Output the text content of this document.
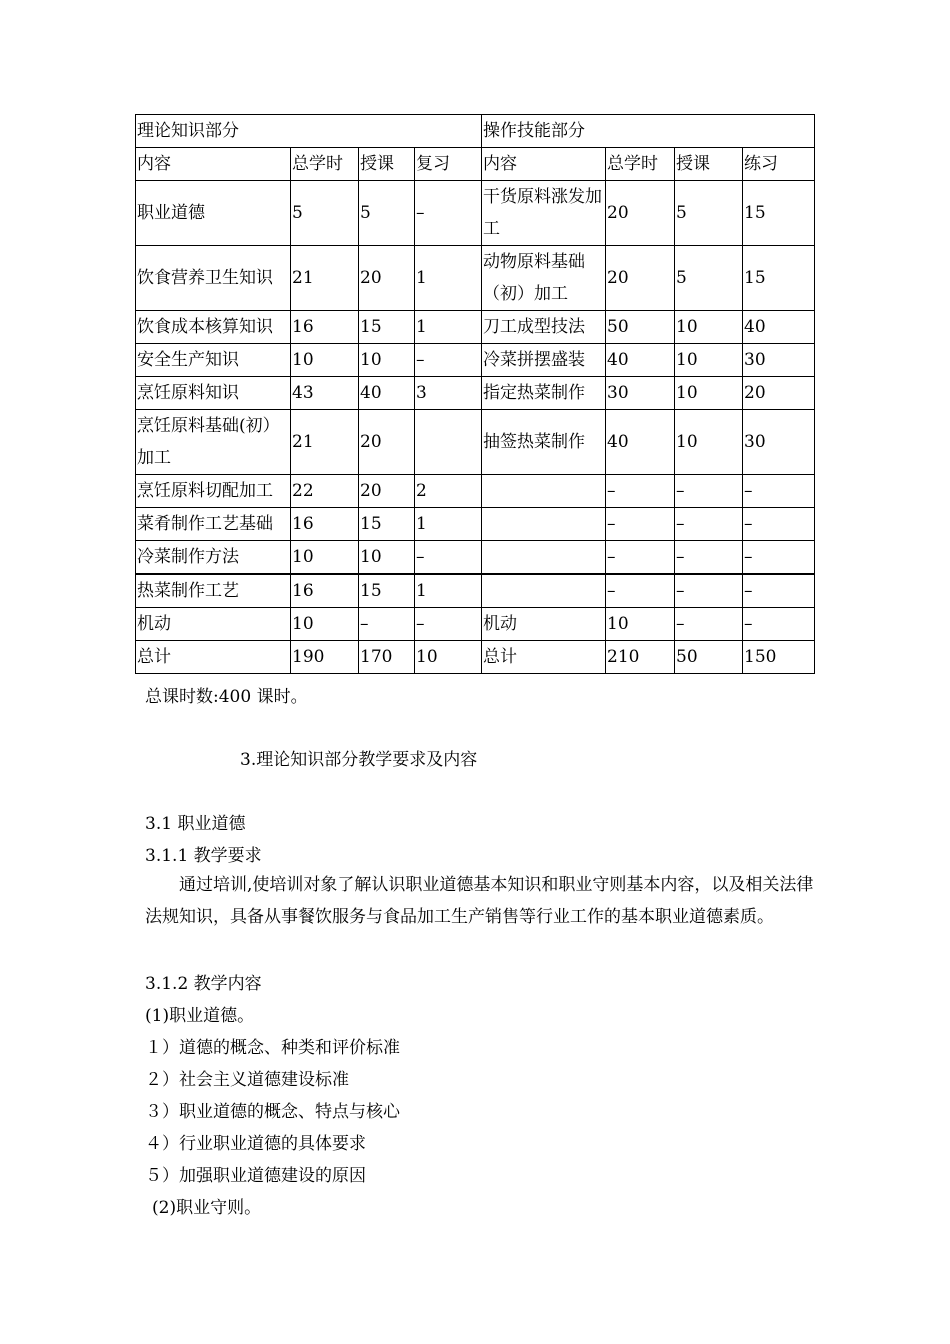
理论知识部分				操作技能部分			
内容	总学时	授课	复习	内容	总学时	授课	练习
职业道德	5	5	–	干货原料涨发加工	20	5	15
饮食营养卫生知识	21	20	1	动物原料基础（初）加工	20	5	15
饮食成本核算知识	16	15	1	刀工成型技法	50	10	40
安全生产知识	10	10	–	冷菜拼摆盛装	40	10	30
烹饪原料知识	43	40	3	指定热菜制作	30	10	20
烹饪原料基础(初）加工	21	20		抽签热菜制作	40	10	30
烹饪原料切配加工	22	20	2		–	–	–
菜肴制作工艺基础	16	15	1		–	–	–
冷菜制作方法	10	10	–		–	–	–
热菜制作工艺	16	15	1		–	–	–
机动	10	–	–	机动	10	–	–
总计	190	170	10	总计	210	50	150
总课时数:400 课时。
3.理论知识部分教学要求及内容
3.1 职业道德
3.1.1 教学要求
通过培训,使培训对象了解认识职业道德基本知识和职业守则基本内容，以及相关法律法规知识，具备从事餐饮服务与食品加工生产销售等行业工作的基本职业道德素质。
3.1.2 教学内容
(1)职业道德。
１）道德的概念、种类和评价标准
２）社会主义道德建设标准
３）职业道德的概念、特点与核心
４）行业职业道德的具体要求
５）加强职业道德建设的原因
(2)职业守则。
